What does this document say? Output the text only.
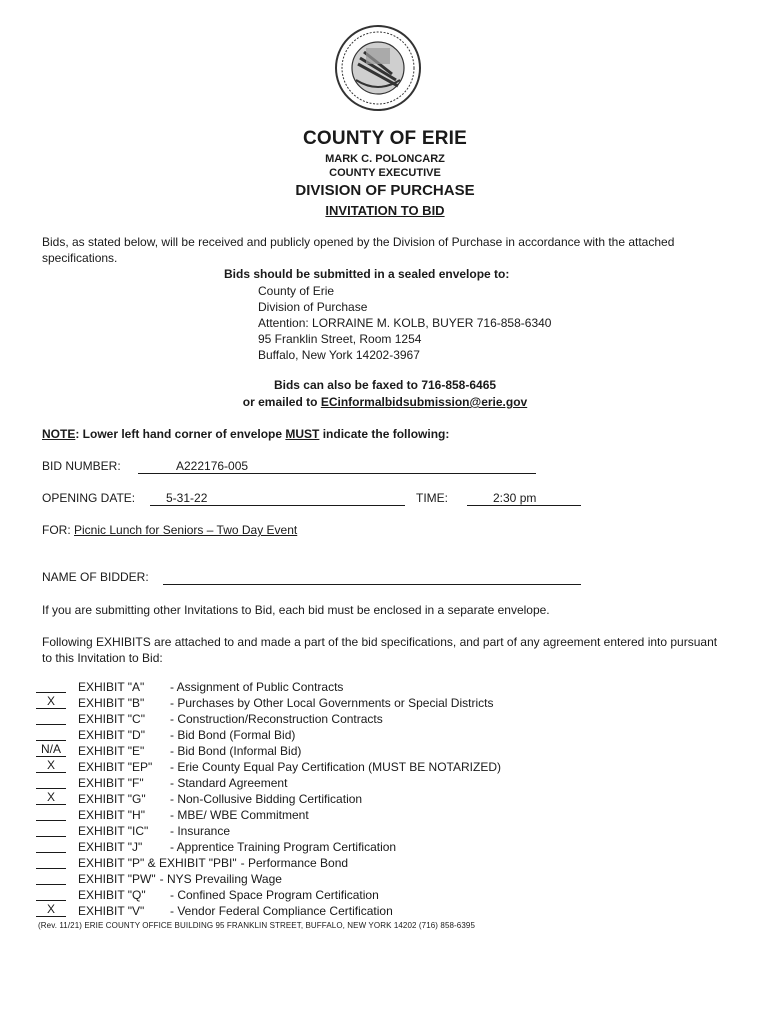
COUNTY OF ERIE
MARK C. POLONCARZ
COUNTY EXECUTIVE
DIVISION OF PURCHASE
INVITATION TO BID
Bids, as stated below, will be received and publicly opened by the Division of Purchase in accordance with the attached specifications.
Bids should be submitted in a sealed envelope to:
County of Erie
Division of Purchase
Attention: LORRAINE M. KOLB, BUYER 716-858-6340
95 Franklin Street, Room 1254
Buffalo, New York 14202-3967
Bids can also be faxed to 716-858-6465
or emailed to ECinformalbidsubmission@erie.gov
NOTE: Lower left hand corner of envelope MUST indicate the following:
BID NUMBER:	A222176-005
OPENING DATE:	5-31-22	TIME:	2:30 pm
FOR: Picnic Lunch for Seniors – Two Day Event
NAME OF BIDDER:
If you are submitting other Invitations to Bid, each bid must be enclosed in a separate envelope.
Following EXHIBITS are attached to and made a part of the bid specifications, and part of any agreement entered into pursuant to this Invitation to Bid:
EXHIBIT "A" - Assignment of Public Contracts
X EXHIBIT "B" - Purchases by Other Local Governments or Special Districts
EXHIBIT "C" - Construction/Reconstruction Contracts
EXHIBIT "D" - Bid Bond (Formal Bid)
N/A EXHIBIT "E" - Bid Bond (Informal Bid)
X EXHIBIT "EP" - Erie County Equal Pay Certification (MUST BE NOTARIZED)
EXHIBIT "F" - Standard Agreement
X EXHIBIT "G" - Non-Collusive Bidding Certification
EXHIBIT "H" - MBE/ WBE Commitment
EXHIBIT "IC" - Insurance
EXHIBIT "J" - Apprentice Training Program Certification
EXHIBIT "P" & EXHIBIT "PBI" - Performance Bond
EXHIBIT "PW" - NYS Prevailing Wage
EXHIBIT "Q" - Confined Space Program Certification
X EXHIBIT "V" - Vendor Federal Compliance Certification
(Rev. 11/21) ERIE COUNTY OFFICE BUILDING 95 FRANKLIN STREET, BUFFALO, NEW YORK 14202 (716) 858-6395
